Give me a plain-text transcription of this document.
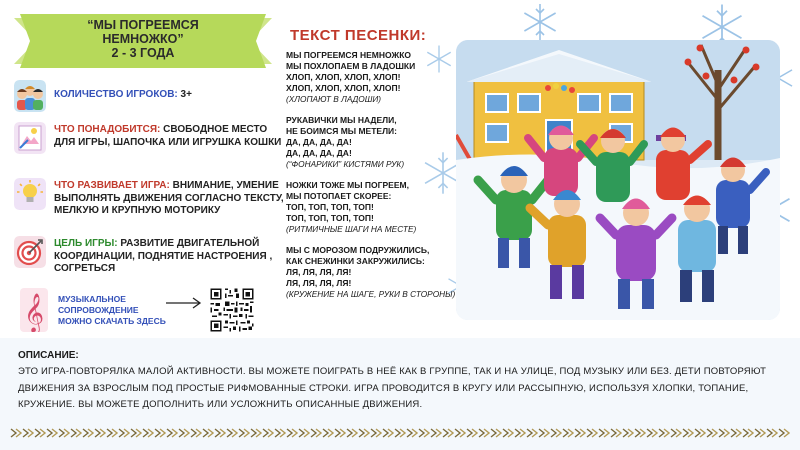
“МЫ ПОГРЕЕМСЯ
НЕМНОЖКО”
2 - 3 ГОДА
КОЛИЧЕСТВО ИГРОКОВ: 3+
ЧТО ПОНАДОБИТСЯ: СВОБОДНОЕ МЕСТО ДЛЯ ИГРЫ, ШАПОЧКА ИЛИ ИГРУШКА КОШКИ
ЧТО РАЗВИВАЕТ ИГРА: ВНИМАНИЕ, УМЕНИЕ ВЫПОЛНЯТЬ ДВИЖЕНИЯ СОГЛАСНО ТЕКСТУ, МЕЛКУЮ И КРУПНУЮ МОТОРИКУ
ЦЕЛЬ ИГРЫ: РАЗВИТИЕ ДВИГАТЕЛЬНОЙ КООРДИНАЦИИ, ПОДНЯТИЕ НАСТРОЕНИЯ , СОГРЕТЬСЯ
𝄞 МУЗЫКАЛЬНОЕ
СОПРОВОЖДЕНИЕ
МОЖНО СКАЧАТЬ ЗДЕСЬ
ТЕКСТ ПЕСЕНКИ:
МЫ ПОГРЕЕМСЯ НЕМНОЖКО
МЫ ПОХЛОПАЕМ В ЛАДОШКИ
ХЛОП, ХЛОП, ХЛОП, ХЛОП!
ХЛОП, ХЛОП, ХЛОП, ХЛОП!
(ХЛОПАЮТ В ЛАДОШИ)
РУКАВИЧКИ МЫ НАДЕЛИ,
НЕ БОИМСЯ МЫ МЕТЕЛИ:
ДА, ДА, ДА, ДА!
ДА, ДА, ДА, ДА!
(“ФОНАРИКИ” КИСТЯМИ РУК)
НОЖКИ ТОЖЕ МЫ ПОГРЕЕМ,
МЫ ПОТОПАЕТ СКОРЕЕ:
ТОП, ТОП, ТОП, ТОП!
ТОП, ТОП, ТОП, ТОП!
(РИТМИЧНЫЕ ШАГИ НА МЕСТЕ)
МЫ С МОРОЗОМ ПОДРУЖИЛИСЬ,
КАК СНЕЖИНКИ ЗАКРУЖИЛИСЬ:
ЛЯ, ЛЯ, ЛЯ, ЛЯ!
ЛЯ, ЛЯ, ЛЯ, ЛЯ!
(КРУЖЕНИЕ НА ШАГЕ, РУКИ В СТОРОНЫ)
ОПИСАНИЕ:
ЭТО ИГРА-ПОВТОРЯЛКА МАЛОЙ АКТИВНОСТИ. ВЫ МОЖЕТЕ ПОИГРАТЬ В НЕЁ КАК В ГРУППЕ, ТАК И НА УЛИЦЕ, ПОД МУЗЫКУ ИЛИ БЕЗ. ДЕТИ ПОВТОРЯЮТ ДВИЖЕНИЯ ЗА ВЗРОСЛЫМ ПОД ПРОСТЫЕ РИФМОВАННЫЕ СТРОКИ. ИГРА ПРОВОДИТСЯ В КРУГУ ИЛИ РАССЫПНУЮ, ИСПОЛЬЗУЯ ХЛОПКИ, ТОПАНИЕ, КРУЖЕНИЕ. ВЫ МОЖЕТЕ ДОПОЛНИТЬ ИЛИ УСЛОЖНИТЬ ОПИСАННЫЕ ДВИЖЕНИЯ.
